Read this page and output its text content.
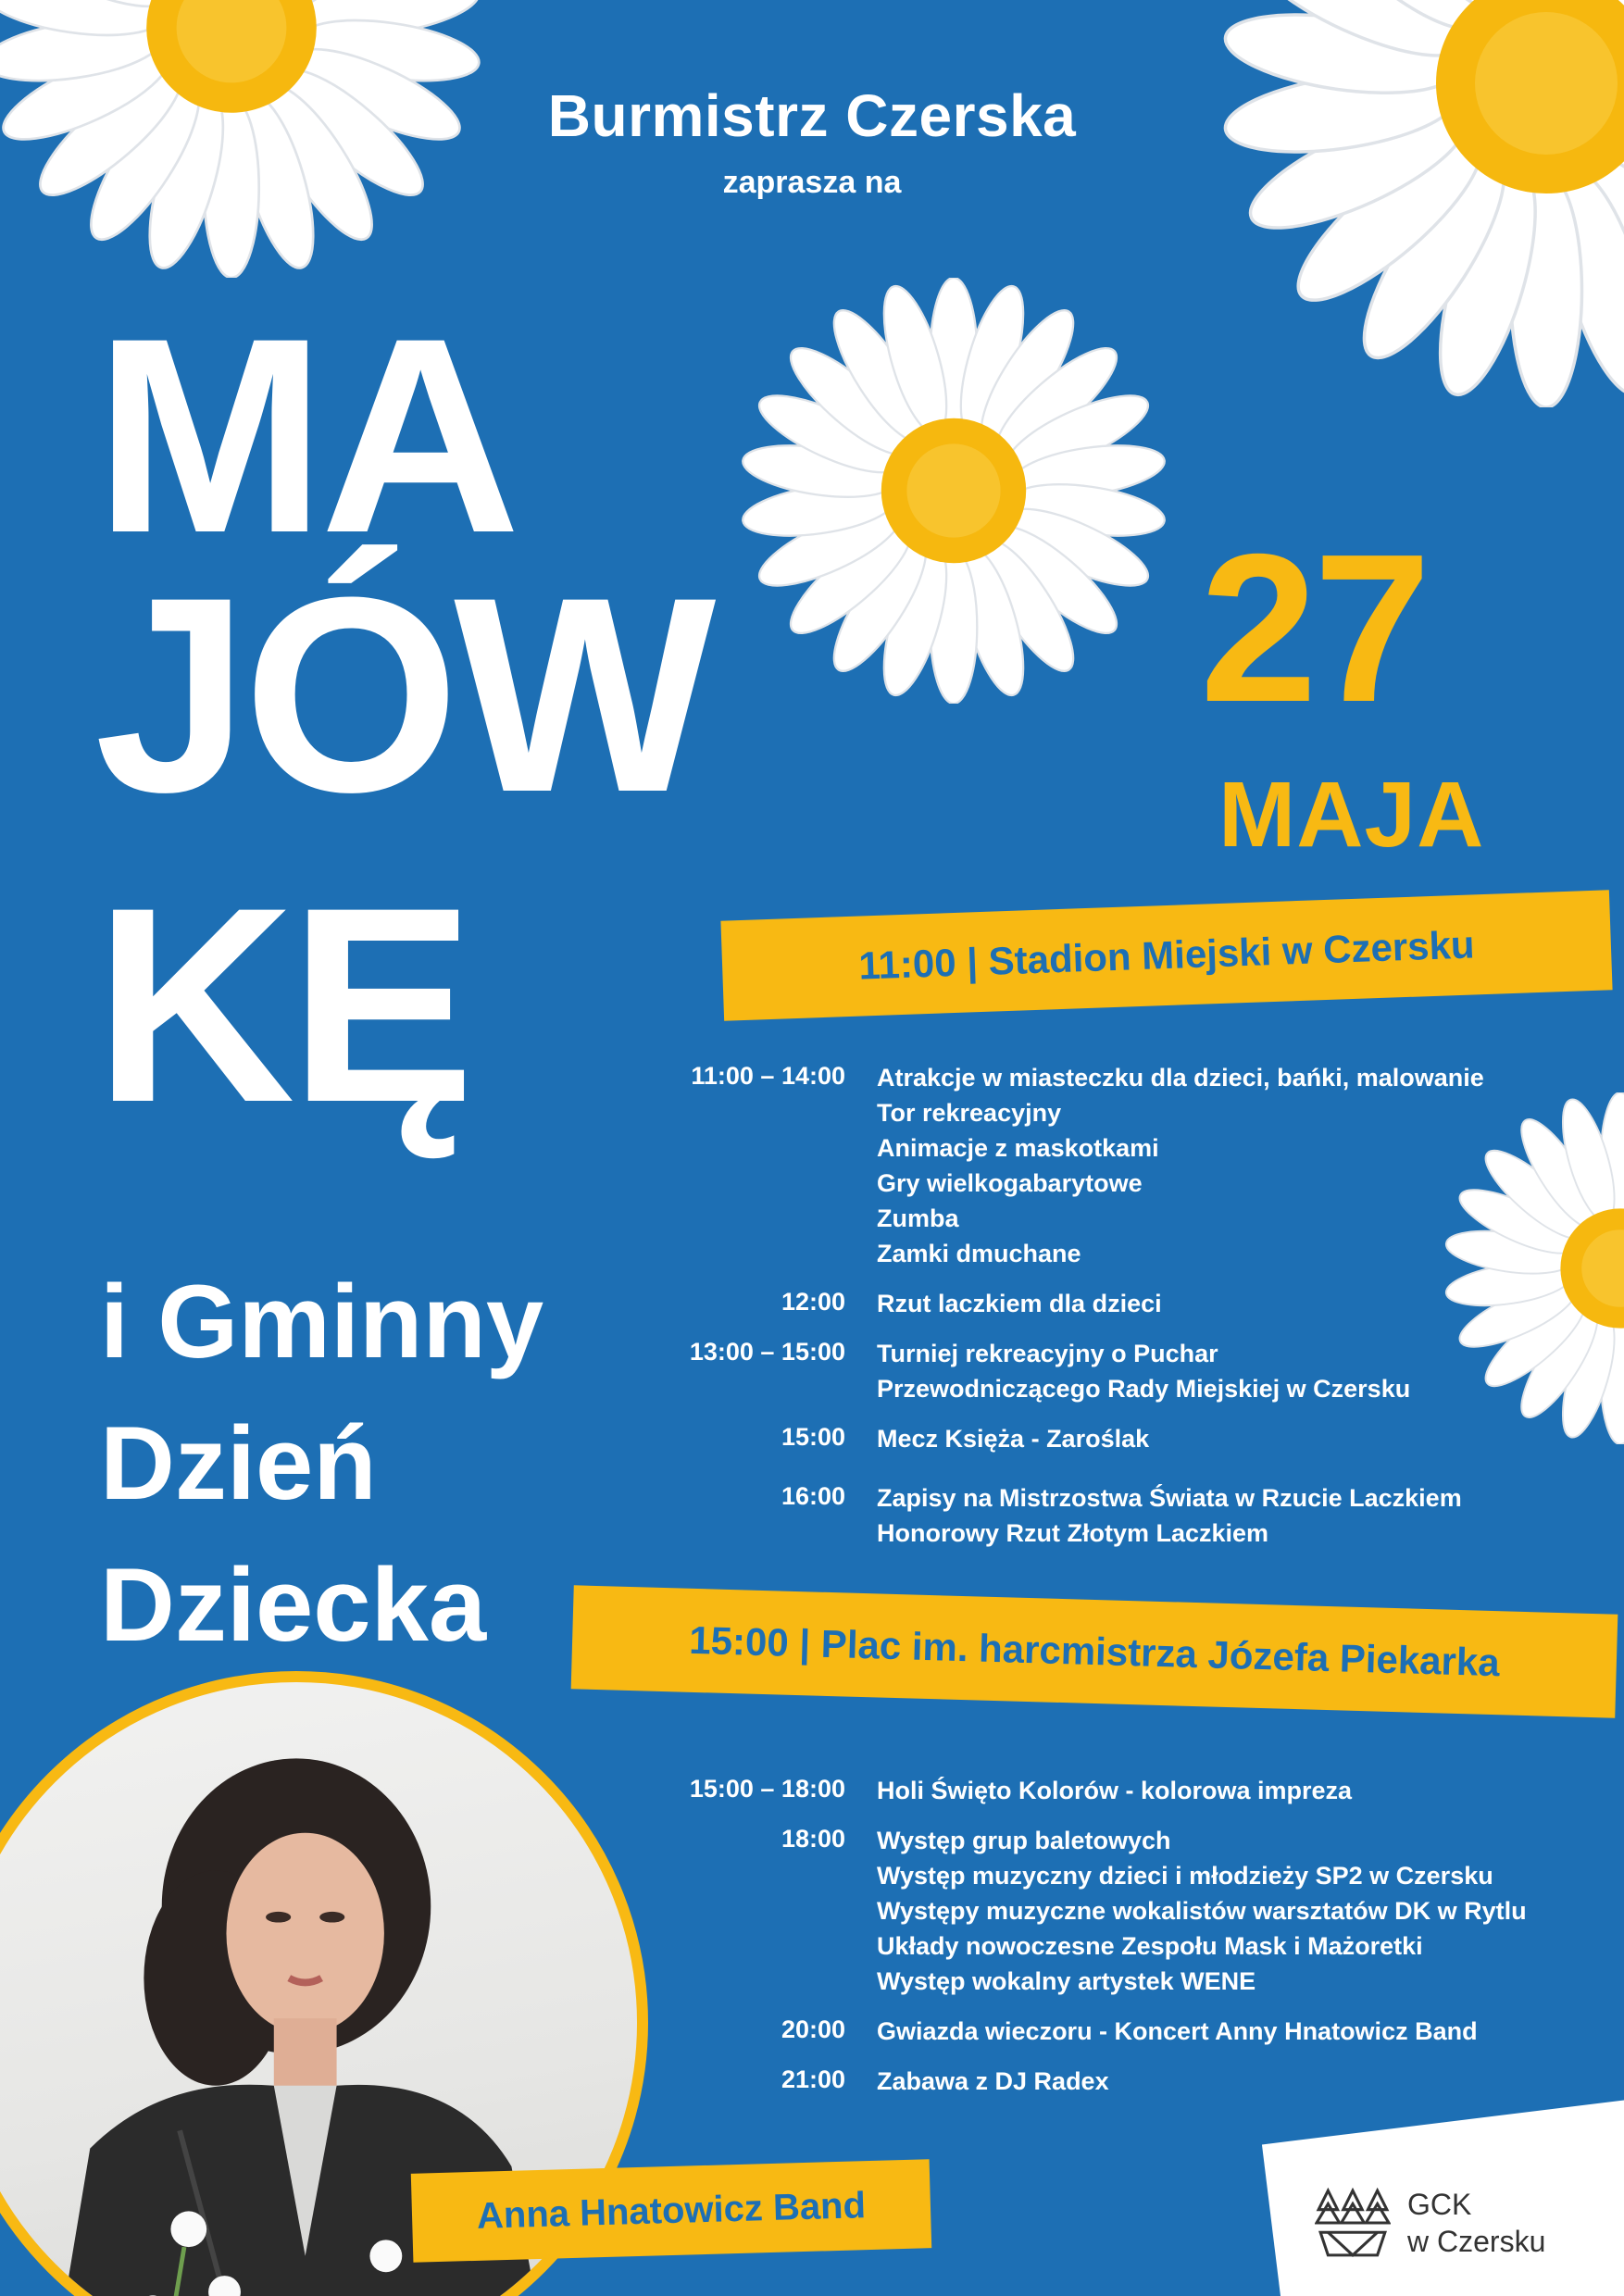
Burmistrz Czerska
zaprasza na
MA
JÓW
KĘ
i Gminny
Dzień
Dziecka
27
MAJA
11:00 | Stadion Miejski w Czersku
11:00 – 14:00 Atrakcje w miasteczku dla dzieci, bańki, malowanie
Tor rekreacyjny
Animacje z maskotkami
Gry wielkogabarytowe
Zumba
Zamki dmuchane
12:00 Rzut laczkiem dla dzieci
13:00 – 15:00 Turniej rekreacyjny o Puchar
Przewodniczącego Rady Miejskiej w Czersku
15:00 Mecz Księża - Zaroślak
16:00 Zapisy na Mistrzostwa Świata w Rzucie Laczkiem
Honorowy Rzut Złotym Laczkiem
15:00 | Plac im. harcmistrza Józefa Piekarka
15:00 – 18:00 Holi Święto Kolorów - kolorowa impreza
18:00 Występ grup baletowych
Występ muzyczny dzieci i młodzieży SP2 w Czersku
Występy muzyczne wokalistów warsztatów DK w Rytlu
Układy nowoczesne Zespołu Mask i Mażoretki
Występ wokalny artystek WENE
20:00 Gwiazda wieczoru - Koncert Anny Hnatowicz Band
21:00 Zabawa z DJ Radex
Anna Hnatowicz Band	GCK
w Czersku
